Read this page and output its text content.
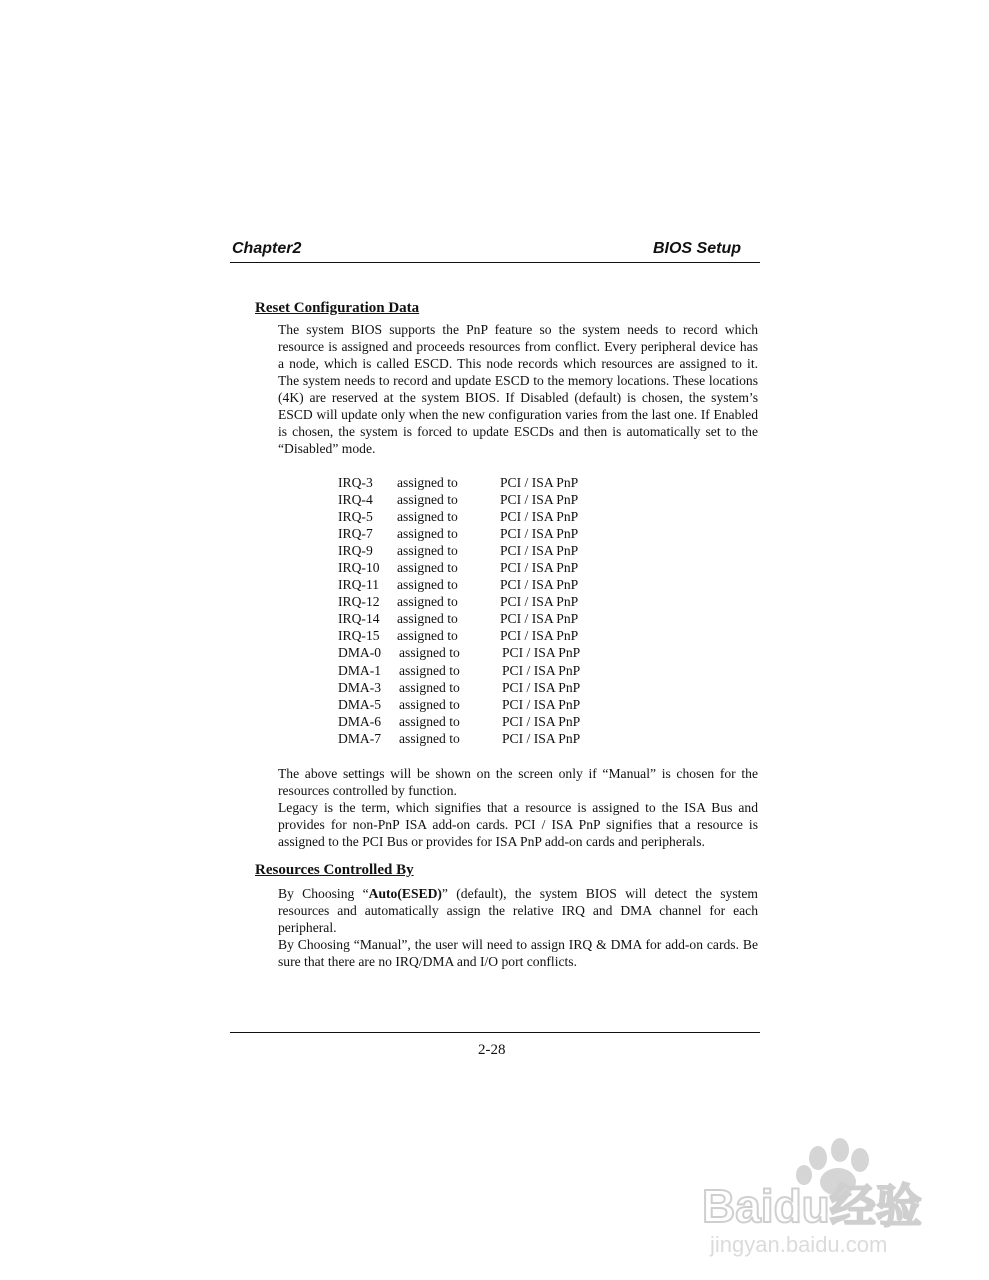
Chapter2	BIOS Setup
Reset Configuration Data

The system BIOS supports the PnP feature so the system needs to record which resource is assigned and proceeds resources from conflict. Every peripheral device has a node, which is called ESCD. This node records which resources are assigned to it. The system needs to record and update ESCD to the memory locations. These locations (4K) are reserved at the system BIOS. If Disabled (default) is chosen, the system’s ESCD will update only when the new configuration varies from the last one. If Enabled is chosen, the system is forced to update ESCDs and then is automatically set to the “Disabled” mode.

IRQ-3	assigned to	PCI / ISA PnP
IRQ-4	assigned to	PCI / ISA PnP
IRQ-5	assigned to	PCI / ISA PnP
IRQ-7	assigned to	PCI / ISA PnP
IRQ-9	assigned to	PCI / ISA PnP
IRQ-10	assigned to	PCI / ISA PnP
IRQ-11	assigned to	PCI / ISA PnP
IRQ-12	assigned to	PCI / ISA PnP
IRQ-14	assigned to	PCI / ISA PnP
IRQ-15	assigned to	PCI / ISA PnP
DMA-0	assigned to	PCI / ISA PnP
DMA-1	assigned to	PCI / ISA PnP
DMA-3	assigned to	PCI / ISA PnP
DMA-5	assigned to	PCI / ISA PnP
DMA-6	assigned to	PCI / ISA PnP
DMA-7	assigned to	PCI / ISA PnP

The above settings will be shown on the screen only if “Manual” is chosen for the resources controlled by function.

Legacy is the term, which signifies that a resource is assigned to the ISA Bus and provides for non-PnP ISA add-on cards. PCI / ISA PnP signifies that a resource is assigned to the PCI Bus or provides for ISA PnP add-on cards and peripherals.

Resources Controlled By

By Choosing “Auto(ESED)” (default), the system BIOS will detect the system resources and automatically assign the relative IRQ and DMA channel for each peripheral.

By Choosing “Manual”, the user will need to assign IRQ & DMA for add-on cards. Be sure that there are no IRQ/DMA and I/O port conflicts.

2-28
Baidu经验
jingyan.baidu.com
